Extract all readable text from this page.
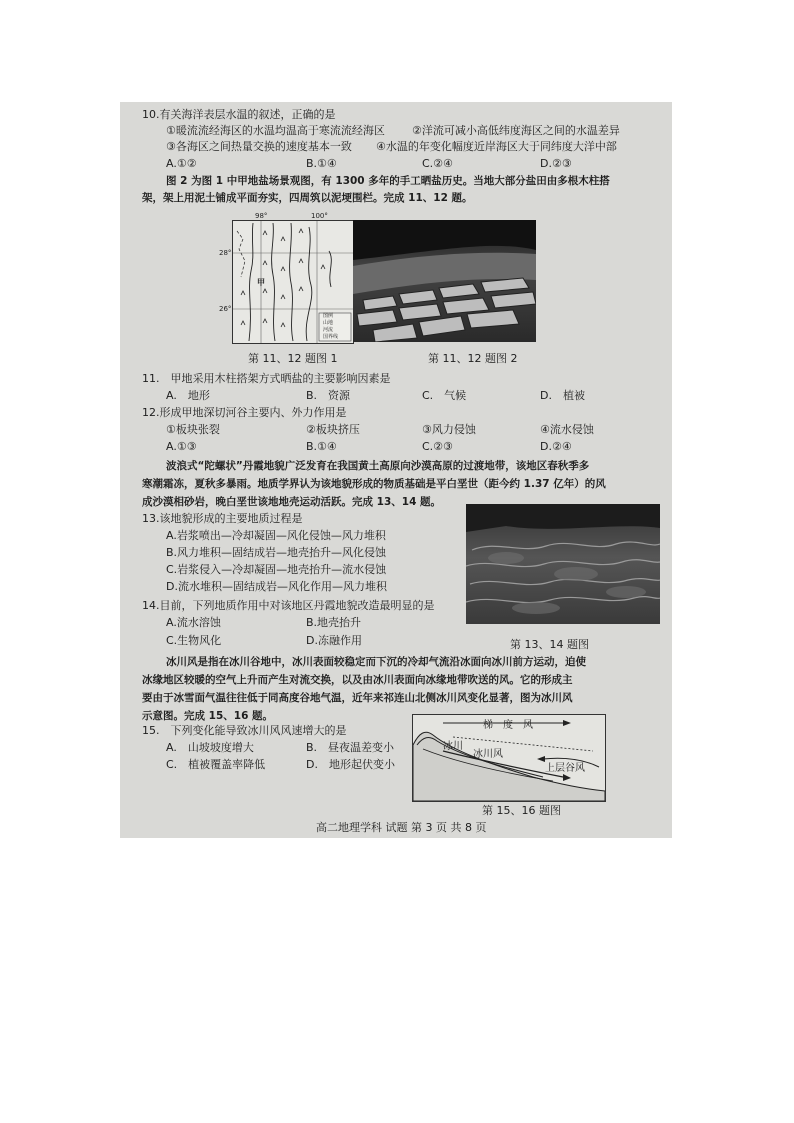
10.有关海洋表层水温的叙述，正确的是
①暖流流经海区的水温均温高于寒流流经海区 ②洋流可减小高低纬度海区之间的水温差异
③各海区之间热量交换的速度基本一致 ④水温的年变化幅度近岸海区大于同纬度大洋中部
A.①②	B.①④	C.②④	D.②③
图 2 为图 1 中甲地盐场景观图，有 1300 多年的手工晒盐历史。当地大部分盐田由多根木柱搭
架，架上用泥土铺成平面夯实，四周筑以泥埂围栏。完成 11、12 题。
98°	100°
28°
26°
甲
图例
山地
河流
国界线
第 11、12 题图 1	第 11、12 题图 2
11.　甲地采用木柱搭架方式晒盐的主要影响因素是
A.　地形	B.　资源	C.　气候	D.　植被
12.形成甲地深切河谷主要内、外力作用是
①板块张裂	②板块挤压	③风力侵蚀	④流水侵蚀
A.①③	B.①④	C.②③	D.②④
波浪式“陀螺状”丹霞地貌广泛发育在我国黄土高原向沙漠高原的过渡地带，该地区春秋季多
寒潮霜冻，夏秋多暴雨。地质学界认为该地貌形成的物质基础是平白垩世（距今约 1.37 亿年）的风
成沙漠相砂岩，晚白垩世该地地壳运动活跃。完成 13、14 题。
13.该地貌形成的主要地质过程是
A.岩浆喷出—冷却凝固—风化侵蚀—风力堆积
B.风力堆积—固结成岩—地壳抬升—风化侵蚀
C.岩浆侵入—冷却凝固—地壳抬升—流水侵蚀
D.流水堆积—固结成岩—风化作用—风力堆积
14.目前，下列地质作用中对该地区丹霞地貌改造最明显的是
A.流水溶蚀	B.地壳抬升
C.生物风化	D.冻融作用	第 13、14 题图
冰川风是指在冰川谷地中，冰川表面较稳定而下沉的冷却气流沿冰面向冰川前方运动，迫使
冰缘地区较暖的空气上升而产生对流交换，以及由冰川表面向冰缘地带吹送的风。它的形成主
要由于冰雪面气温往往低于同高度谷地气温，近年来祁连山北侧冰川风变化显著，图为冰川风
示意图。完成 15、16 题。
15.　下列变化能导致冰川风风速增大的是
A.　山坡坡度增大	B.　昼夜温差变小
C.　植被覆盖率降低	D.　地形起伏变小
梯　度　风
冰川
冰川风
上层谷风
第 15、16 题图
高二地理学科 试题 第 3 页 共 8 页
